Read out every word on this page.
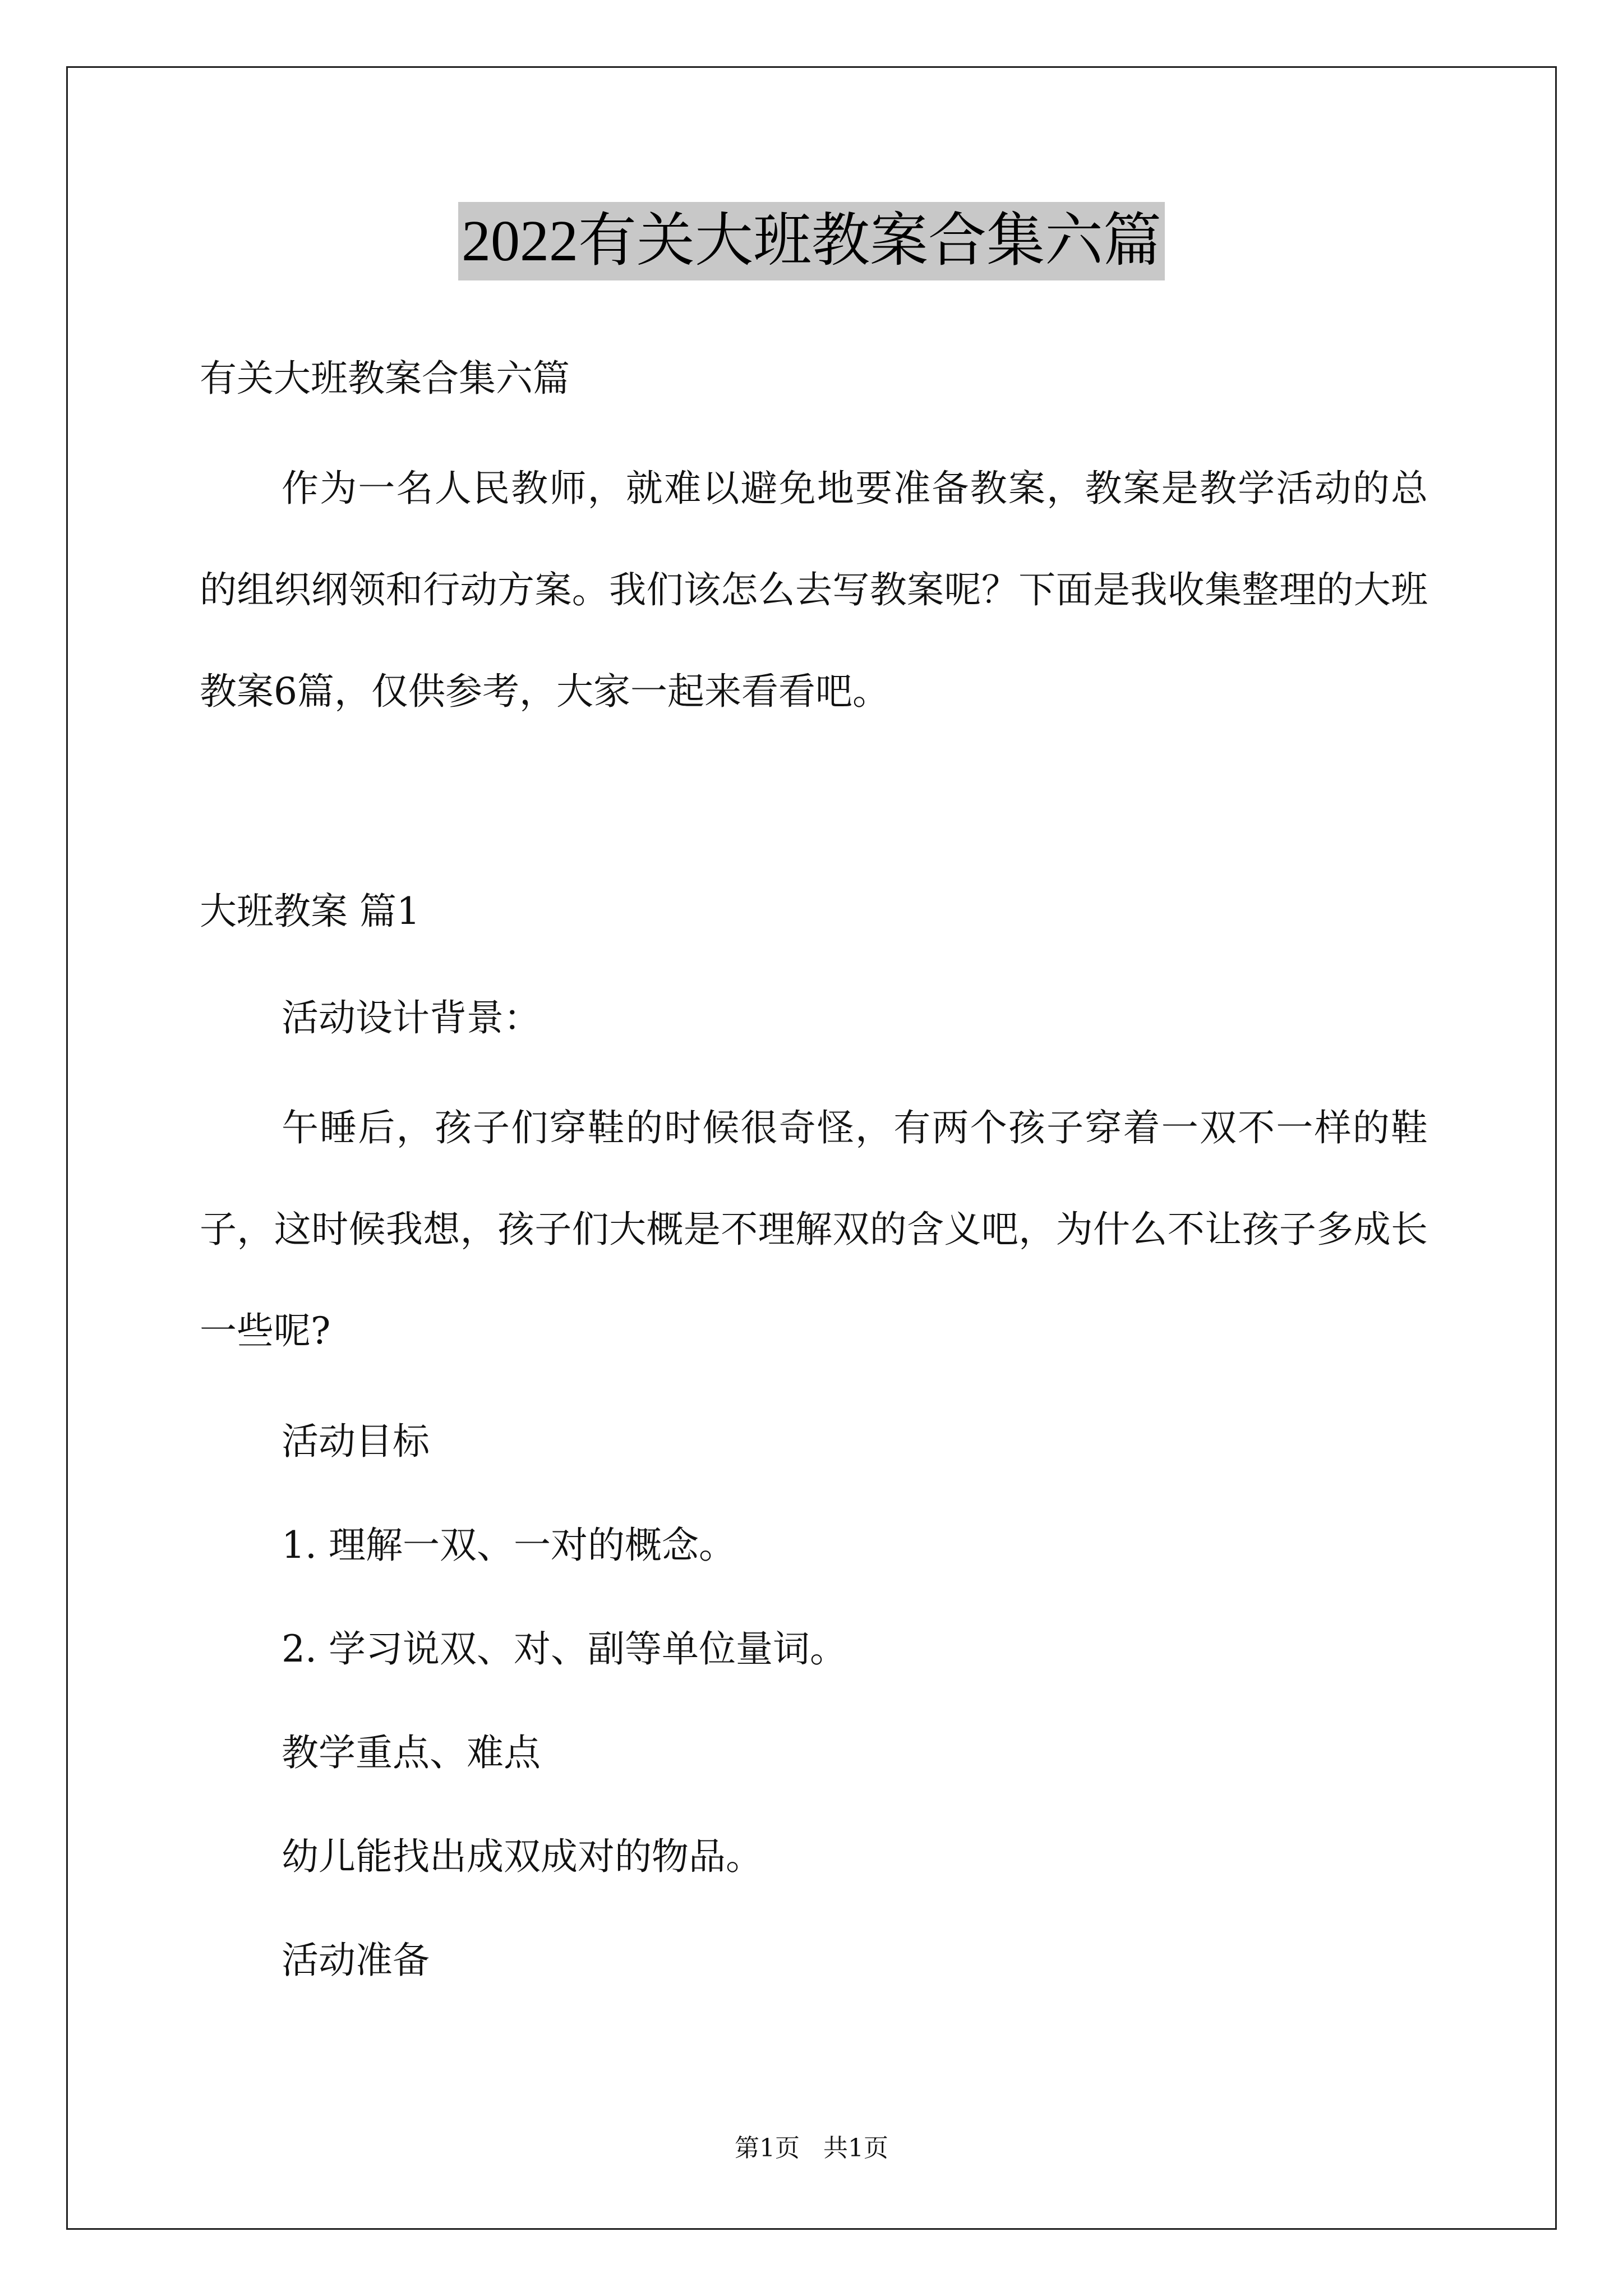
2022有关大班教案合集六篇
有关大班教案合集六篇
作为一名人民教师，就难以避免地要准备教案，教案是教学活动的总的组织纲领和行动方案。我们该怎么去写教案呢？下面是我收集整理的大班教案6篇，仅供参考，大家一起来看看吧。
大班教案 篇1
活动设计背景：
午睡后，孩子们穿鞋的时候很奇怪，有两个孩子穿着一双不一样的鞋子，这时候我想，孩子们大概是不理解双的含义吧，为什么不让孩子多成长一些呢?
活动目标
1. 理解一双、一对的概念。
2. 学习说双、对、副等单位量词。
教学重点、难点
幼儿能找出成双成对的物品。
活动准备
第1页 共1页
